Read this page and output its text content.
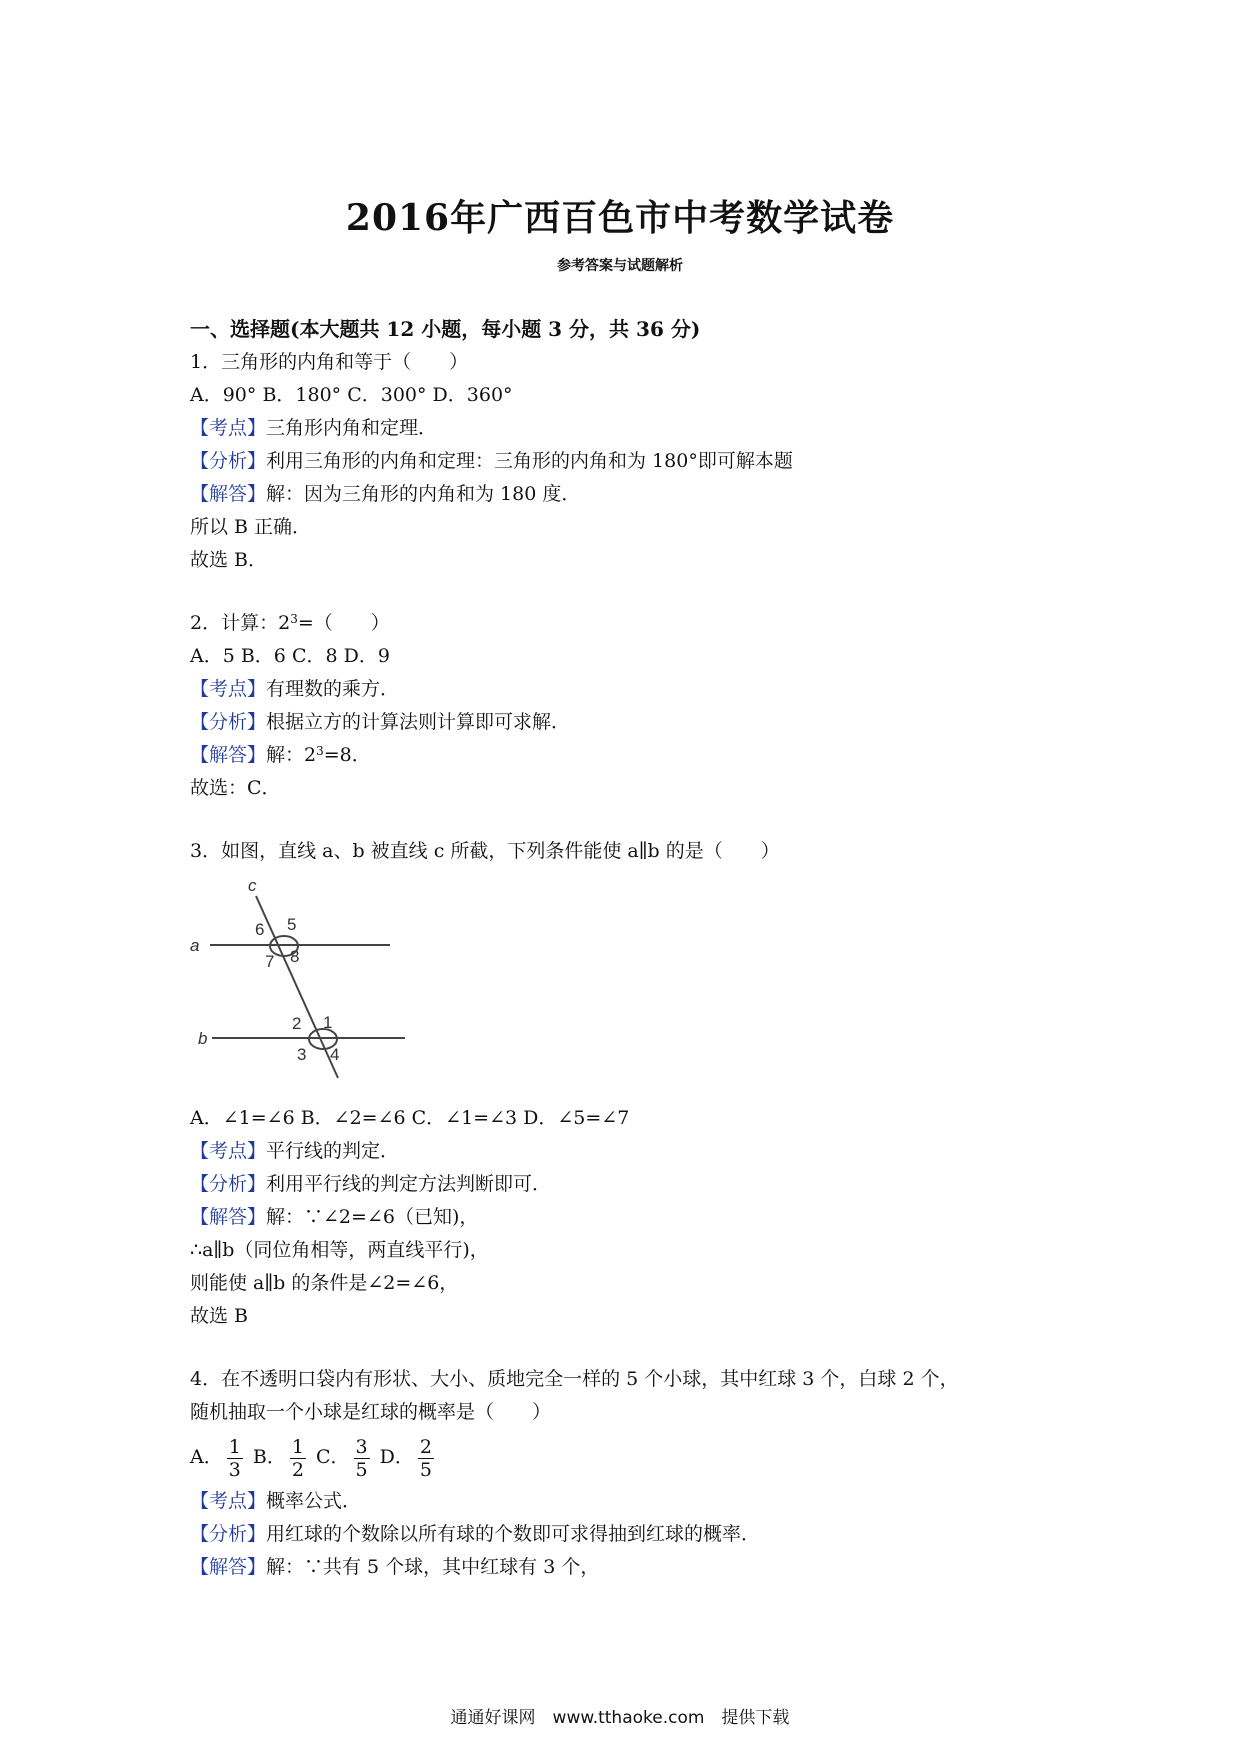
2016年广西百色市中考数学试卷
参考答案与试题解析
一、选择题(本大题共 12 小题，每小题 3 分，共 36 分)
1．三角形的内角和等于（　　）
A．90° B．180° C．300° D．360°
【考点】三角形内角和定理．
【分析】利用三角形的内角和定理：三角形的内角和为 180°即可解本题
【解答】解：因为三角形的内角和为 180 度．
所以 B 正确．
故选 B．
2．计算：$2^3=$（　　）
A．5 B．6 C．8 D．9
【考点】有理数的乘方．
【分析】根据立方的计算法则计算即可求解．
【解答】解：$2^3=8$．
故选：C．
3．如图，直线 a、b 被直线 c 所截，下列条件能使 a∥b 的是（　　）
c
a
b
6 5
7 8
2 1
3 4
A．∠1=∠6 B．∠2=∠6 C．∠1=∠3 D．∠5=∠7
【考点】平行线的判定．
【分析】利用平行线的判定方法判断即可．
【解答】解：∵∠2=∠6（已知)，
∴a∥b（同位角相等，两直线平行)，
则能使 a∥b 的条件是∠2=∠6，
故选 B
4．在不透明口袋内有形状、大小、质地完全一样的 5 个小球，其中红球 3 个，白球 2 个，
随机抽取一个小球是红球的概率是（　　）
A． $\frac{1}{3}$ B． $\frac{1}{2}$ C． $\frac{3}{5}$ D． $\frac{2}{5}$
【考点】概率公式．
【分析】用红球的个数除以所有球的个数即可求得抽到红球的概率．
【解答】解：∵共有 5 个球，其中红球有 3 个，
通通好课网　www.tthaoke.com　提供下载
